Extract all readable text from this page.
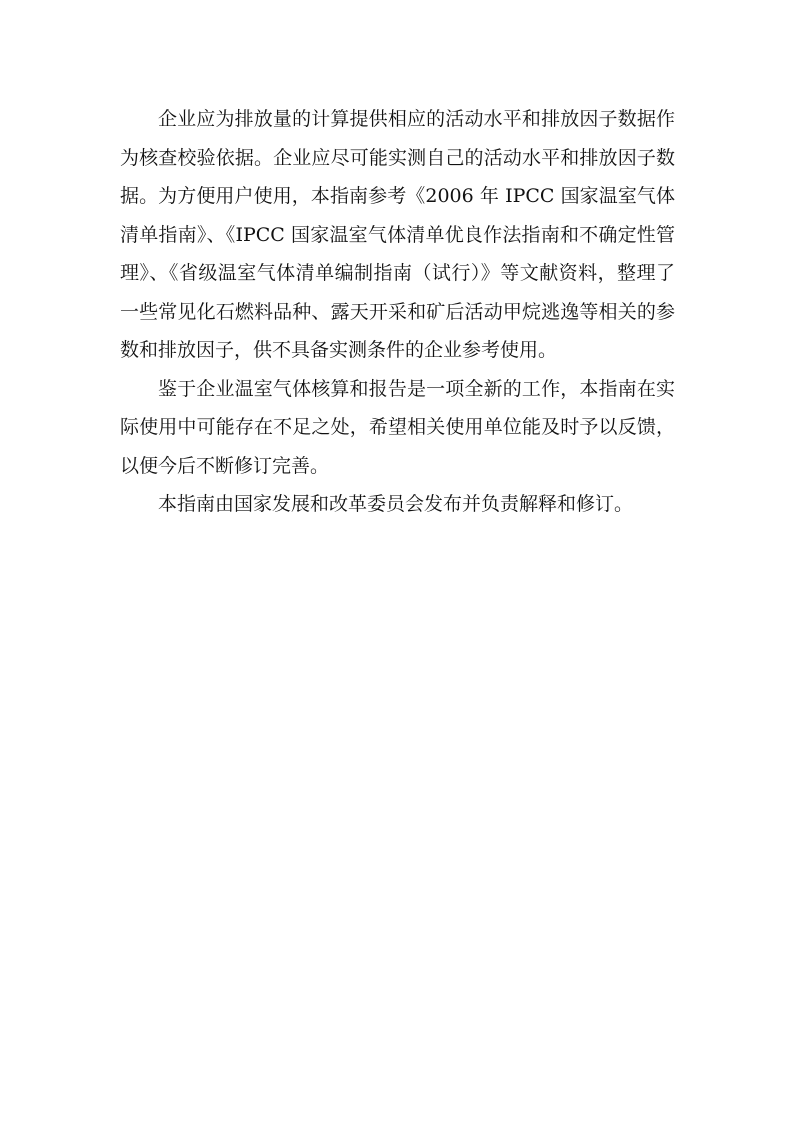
企业应为排放量的计算提供相应的活动水平和排放因子数据作为核查校验依据。企业应尽可能实测自己的活动水平和排放因子数据。为方便用户使用，本指南参考《2006 年 IPCC 国家温室气体清单指南》、《IPCC 国家温室气体清单优良作法指南和不确定性管理》、《省级温室气体清单编制指南（试行）》等文献资料，整理了一些常见化石燃料品种、露天开采和矿后活动甲烷逃逸等相关的参数和排放因子，供不具备实测条件的企业参考使用。

鉴于企业温室气体核算和报告是一项全新的工作，本指南在实际使用中可能存在不足之处，希望相关使用单位能及时予以反馈，以便今后不断修订完善。

本指南由国家发展和改革委员会发布并负责解释和修订。
